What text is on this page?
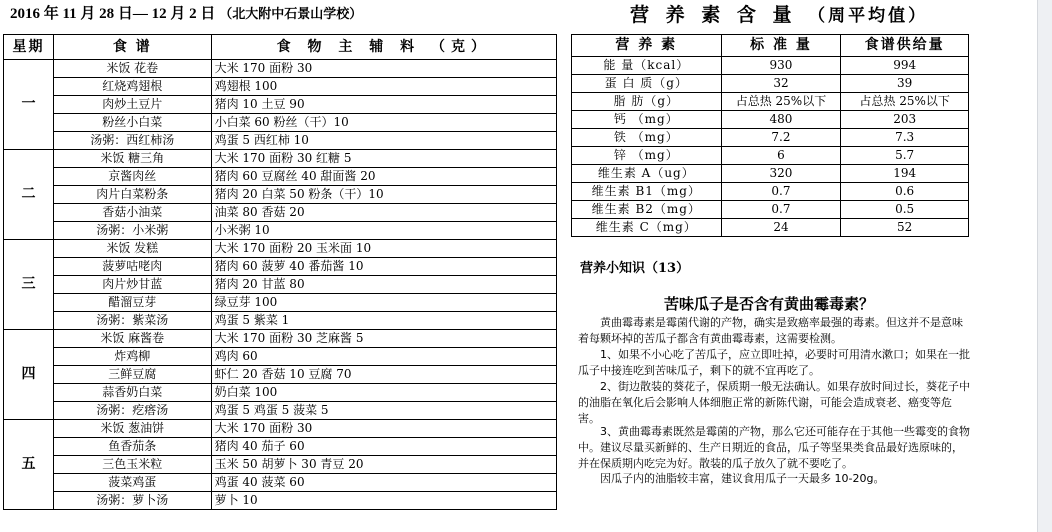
2016 年 11 月 28 日— 12 月 2 日 （北大附中石景山学校）	营 养 素 含 量 （周平均值）
星期	食 谱	食 物 主 辅 料 （克）
一	米饭 花卷	大米 170 面粉 30
	红烧鸡翅根	鸡翅根 100
	肉炒土豆片	猪肉 10 土豆 90
	粉丝小白菜	小白菜 60 粉丝（干）10
	汤粥：西红柿汤	鸡蛋 5 西红柿 10
二	米饭 糖三角	大米 170 面粉 30 红糖 5
	京酱肉丝	猪肉 60 豆腐丝 40 甜面酱 20
	肉片白菜粉条	猪肉 20 白菜 50 粉条（干）10
	香菇小油菜	油菜 80 香菇 20
	汤粥：小米粥	小米粥 10
三	米饭 发糕	大米 170 面粉 20 玉米面 10
	菠萝咕咾肉	猪肉 60 菠萝 40 番茄酱 10
	肉片炒甘蓝	猪肉 20 甘蓝 80
	醋溜豆芽	绿豆芽 100
	汤粥：紫菜汤	鸡蛋 5 紫菜 1
四	米饭 麻酱卷	大米 170 面粉 30 芝麻酱 5
	炸鸡柳	鸡肉 60
	三鲜豆腐	虾仁 20 香菇 10 豆腐 70
	蒜香奶白菜	奶白菜 100
	汤粥：疙瘩汤	鸡蛋 5 鸡蛋 5 菠菜 5
五	米饭 葱油饼	大米 170 面粉 30
	鱼香茄条	猪肉 40 茄子 60
	三色玉米粒	玉米 50 胡萝卜 30 青豆 20
	菠菜鸡蛋	鸡蛋 40 菠菜 60
	汤粥：萝卜汤	萝卜 10
营 养 素	标 准 量	食谱供给量
能 量（kcal）	930	994
蛋 白 质（g）	32	39
脂 肪（g）	占总热 25%以下	占总热 25%以下
钙 （mg）	480	203
铁 （mg）	7.2	7.3
锌 （mg）	6	5.7
维生素 A（ug）	320	194
维生素 B1（mg）	0.7	0.6
维生素 B2（mg）	0.7	0.5
维生素 C（mg）	24	52
营养小知识（13）
苦味瓜子是否含有黄曲霉毒素？

黄曲霉毒素是霉菌代谢的产物，确实是致癌率最强的毒素。但这并不是意味着每颗坏掉的苦瓜子都含有黄曲霉毒素，这需要检测。

1、如果不小心吃了苦瓜子，应立即吐掉，必要时可用清水漱口；如果在一批瓜子中接连吃到苦味瓜子，剩下的就不宜再吃了。

2、街边散装的葵花子，保质期一般无法确认。如果存放时间过长，葵花子中的油脂在氧化后会影响人体细胞正常的新陈代谢，可能会造成衰老、癌变等危害。

3、黄曲霉毒素既然是霉菌的产物，那么它还可能存在于其他一些霉变的食物中。建议尽量买新鲜的、生产日期近的食品，瓜子等坚果类食品最好选原味的，并在保质期内吃完为好。散装的瓜子放久了就不要吃了。

因瓜子内的油脂较丰富，建议食用瓜子一天最多 10-20g。
